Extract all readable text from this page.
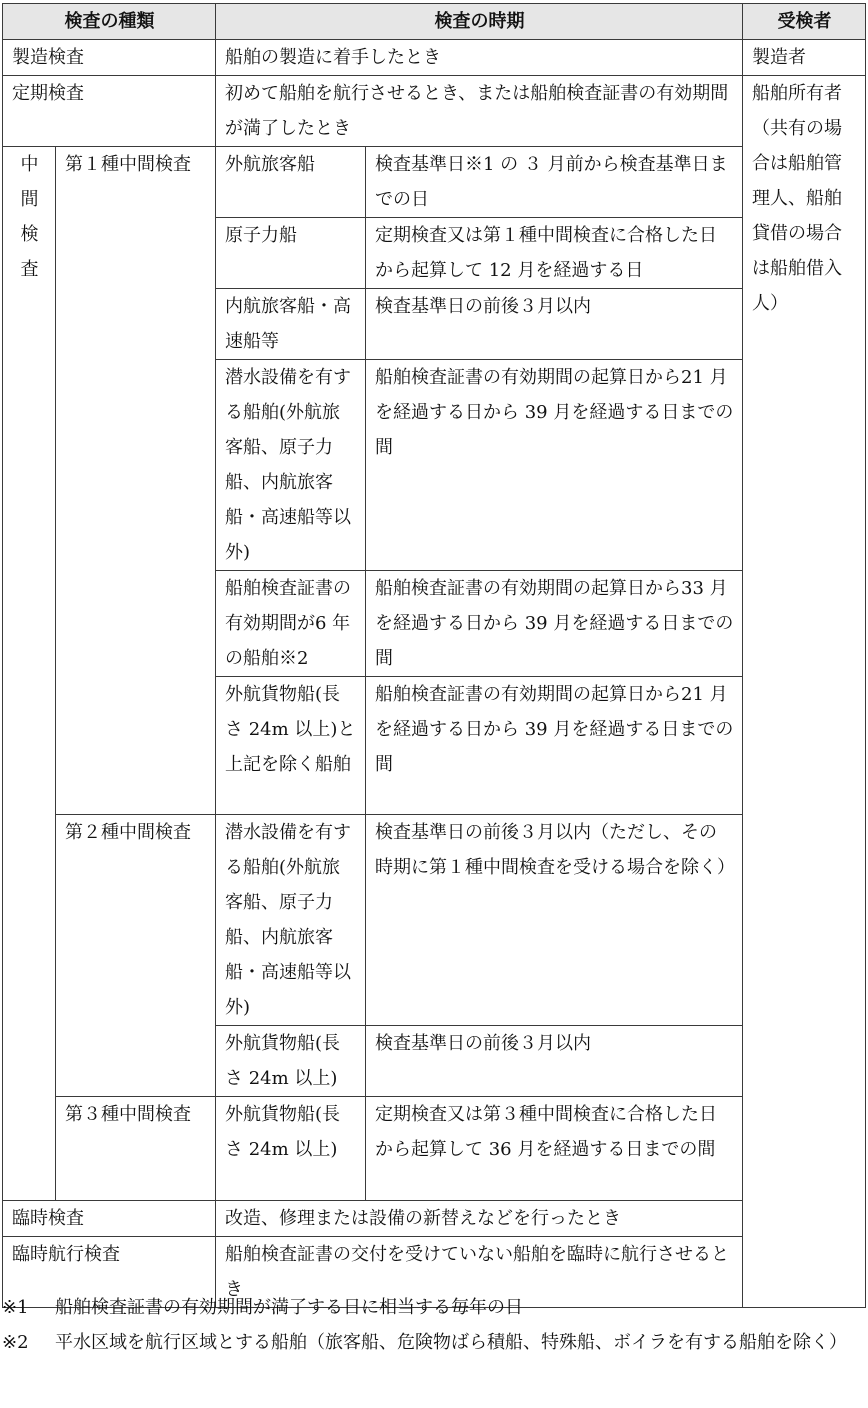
検査の種類		検査の時期		受検者
製造検査		船舶の製造に着手したとき		製造者
定期検査		初めて船舶を航行させるとき、または船舶検査証書の有効期間が満了したとき		船舶所有者（共有の場合は船舶管理人、船舶貸借の場合は船舶借入人）

中
間
検
査	第１種中間検査	外航旅客船	検査基準日※1 の ３ 月前から検査基準日までの日	
		原子力船	定期検査又は第１種中間検査に合格した日から起算して 12 月を経過する日	
		内航旅客船・高速船等	検査基準日の前後３月以内	
		潜水設備を有する船舶(外航旅客船、原子力船、内航旅客船・高速船等以外)	船舶検査証書の有効期間の起算日から21 月を経過する日から 39 月を経過する日までの間	
		船舶検査証書の有効期間が6 年の船舶※2	船舶検査証書の有効期間の起算日から33 月を経過する日から 39 月を経過する日までの間	
		外航貨物船(長さ 24m 以上)と上記を除く船舶	船舶検査証書の有効期間の起算日から21 月を経過する日から 39 月を経過する日までの間	
	第２種中間検査	潜水設備を有する船舶(外航旅客船、原子力船、内航旅客船・高速船等以外)	検査基準日の前後３月以内（ただし、その時期に第１種中間検査を受ける場合を除く）	
		外航貨物船(長さ 24m 以上)	検査基準日の前後３月以内	
	第３種中間検査	外航貨物船(長さ 24m 以上)	定期検査又は第３種中間検査に合格した日から起算して 36 月を経過する日までの間	
臨時検査		改造、修理または設備の新替えなどを行ったとき		
臨時航行検査		船舶検査証書の交付を受けていない船舶を臨時に航行させるとき		
※1	船舶検査証書の有効期間が満了する日に相当する毎年の日
※2 平水区域を航行区域とする船舶（旅客船、危険物ばら積船、特殊船、ボイラを有する船舶を除く）
